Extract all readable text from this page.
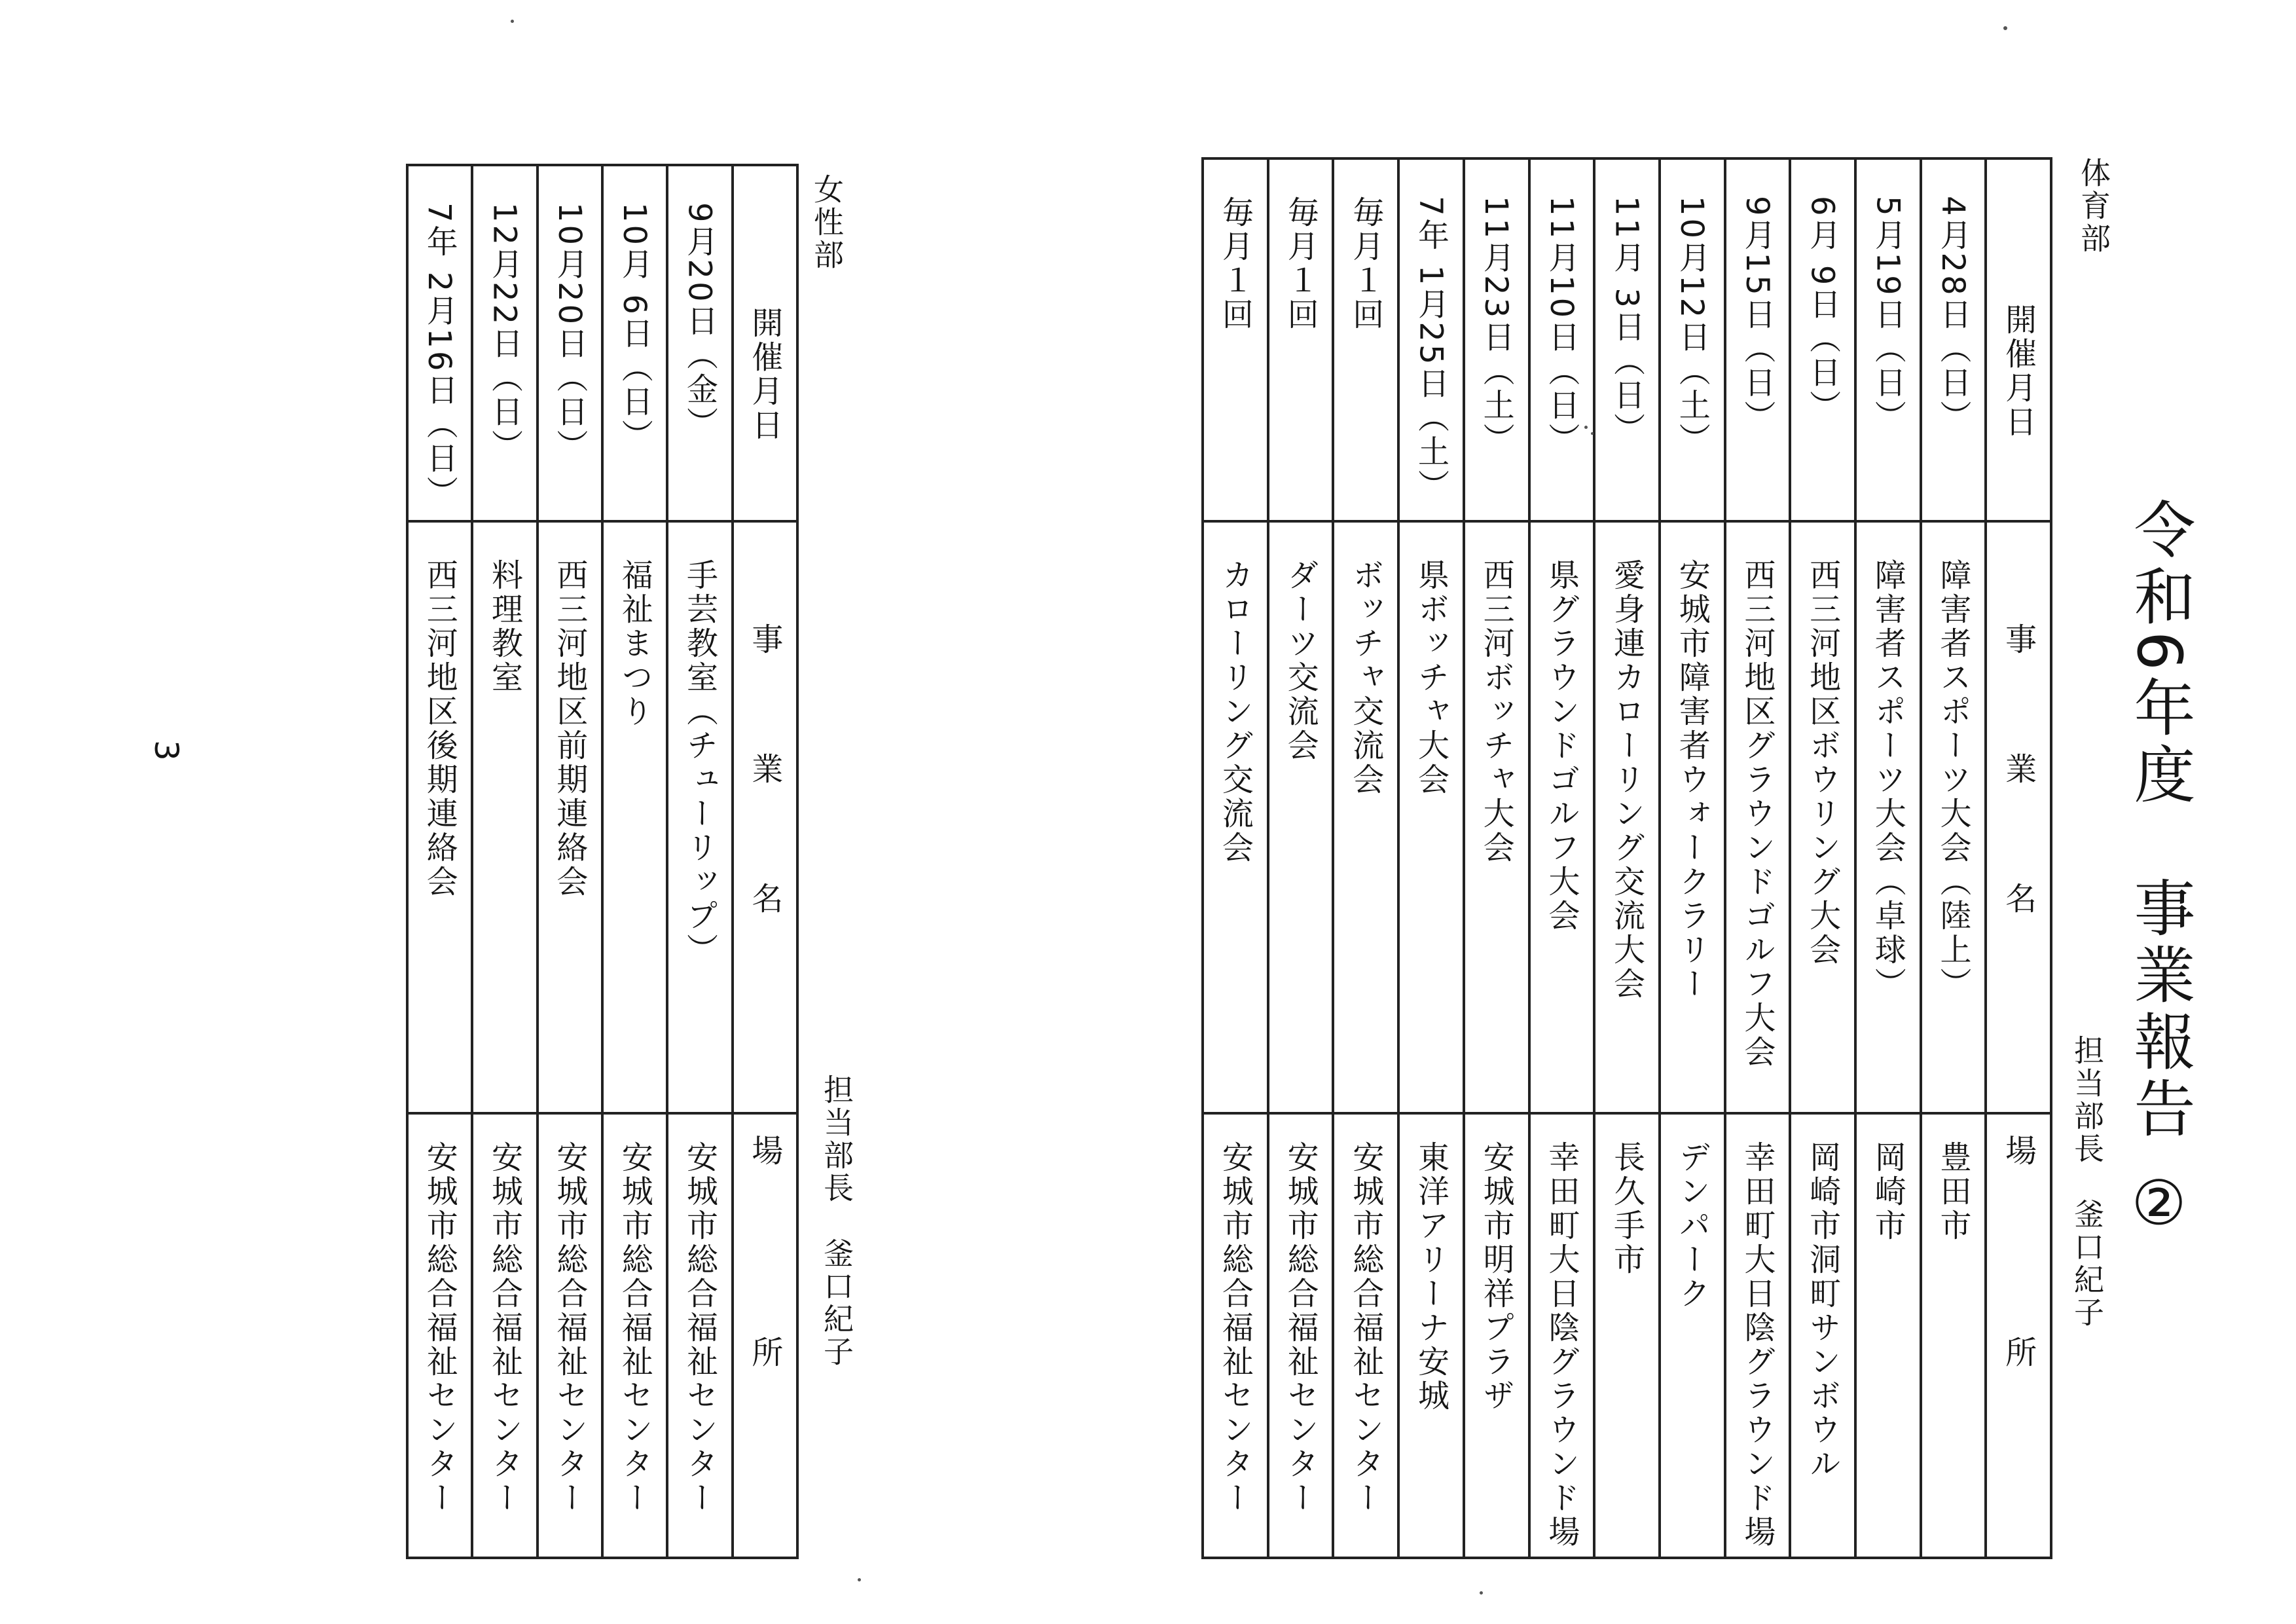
令和6年度　事業報告 ②
体育部
担当部長　釜口紀子
開催月日	事業名	場所
4月28日（日）	障害者スポーツ大会（陸上）	豊田市
5月19日（日）	障害者スポーツ大会（卓球）	岡崎市
6月 9日（日）	西三河地区ボウリング大会	岡崎市洞町サンボウル
9月15日（日）	西三河地区グラウンドゴルフ大会	幸田町大日陰グラウンド場
10月12日（土）	安城市障害者ウォークラリー	デンパーク
11月 3日（日）	愛身連カローリング交流大会	長久手市
11月10日（日）	県グラウンドゴルフ大会	幸田町大日陰グラウンド場
11月23日（土）	西三河ボッチャ大会	安城市明祥プラザ
7年 1月25日（土）	県ボッチャ大会	東洋アリーナ安城
毎月１回	ボッチャ交流会	安城市総合福祉センター
毎月１回	ダーツ交流会	安城市総合福祉センター
毎月１回	カローリング交流会	安城市総合福祉センター
女性部
担当部長　釜口紀子
開催月日	事業名	場所
9月20日（金）	手芸教室（チューリップ）	安城市総合福祉センター
10月 6日（日）	福祉まつり	安城市総合福祉センター
10月20日（日）	西三河地区前期連絡会	安城市総合福祉センター
12月22日（日）	料理教室	安城市総合福祉センター
7年 2月16日（日）	西三河地区後期連絡会	安城市総合福祉センター
3
